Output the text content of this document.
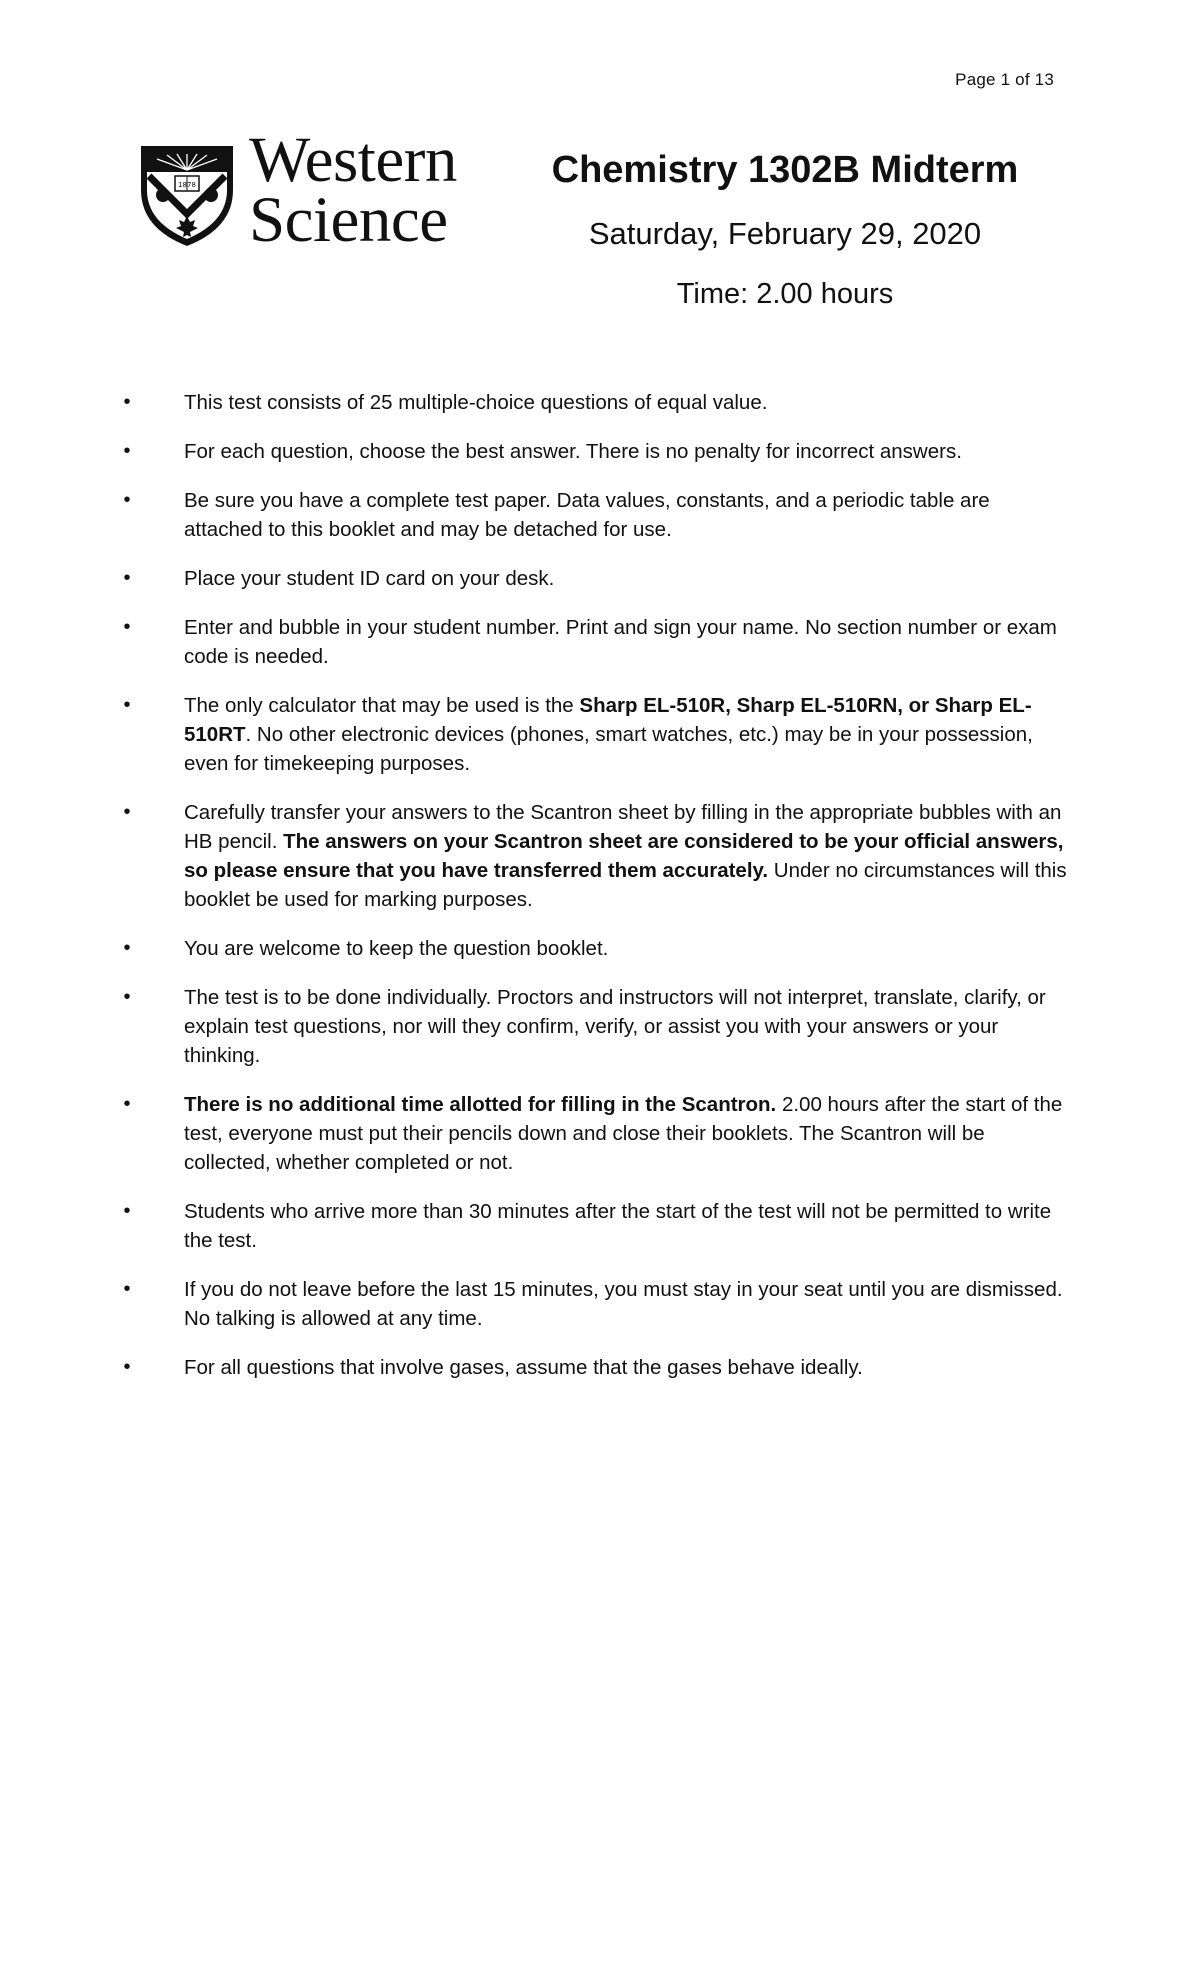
Page 1 of 13
1878 Western
Science

Chemistry 1302B Midterm

Saturday, February 29, 2020

Time: 2.00 hours

•	This test consists of 25 multiple-choice questions of equal value.
•	For each question, choose the best answer. There is no penalty for incorrect answers.
•	Be sure you have a complete test paper. Data values, constants, and a periodic table are attached to this booklet and may be detached for use.
•	Place your student ID card on your desk.
•	Enter and bubble in your student number. Print and sign your name. No section number or exam code is needed.
•	The only calculator that may be used is the Sharp EL-510R, Sharp EL-510RN, or Sharp EL-510RT. No other electronic devices (phones, smart watches, etc.) may be in your possession, even for timekeeping purposes.
•	Carefully transfer your answers to the Scantron sheet by filling in the appropriate bubbles with an HB pencil. The answers on your Scantron sheet are considered to be your official answers, so please ensure that you have transferred them accurately. Under no circumstances will this booklet be used for marking purposes.
•	You are welcome to keep the question booklet.
•	The test is to be done individually. Proctors and instructors will not interpret, translate, clarify, or explain test questions, nor will they confirm, verify, or assist you with your answers or your thinking.
•	There is no additional time allotted for filling in the Scantron. 2.00 hours after the start of the test, everyone must put their pencils down and close their booklets. The Scantron will be collected, whether completed or not.
•	Students who arrive more than 30 minutes after the start of the test will not be permitted to write the test.
•	If you do not leave before the last 15 minutes, you must stay in your seat until you are dismissed. No talking is allowed at any time.
•	For all questions that involve gases, assume that the gases behave ideally.
